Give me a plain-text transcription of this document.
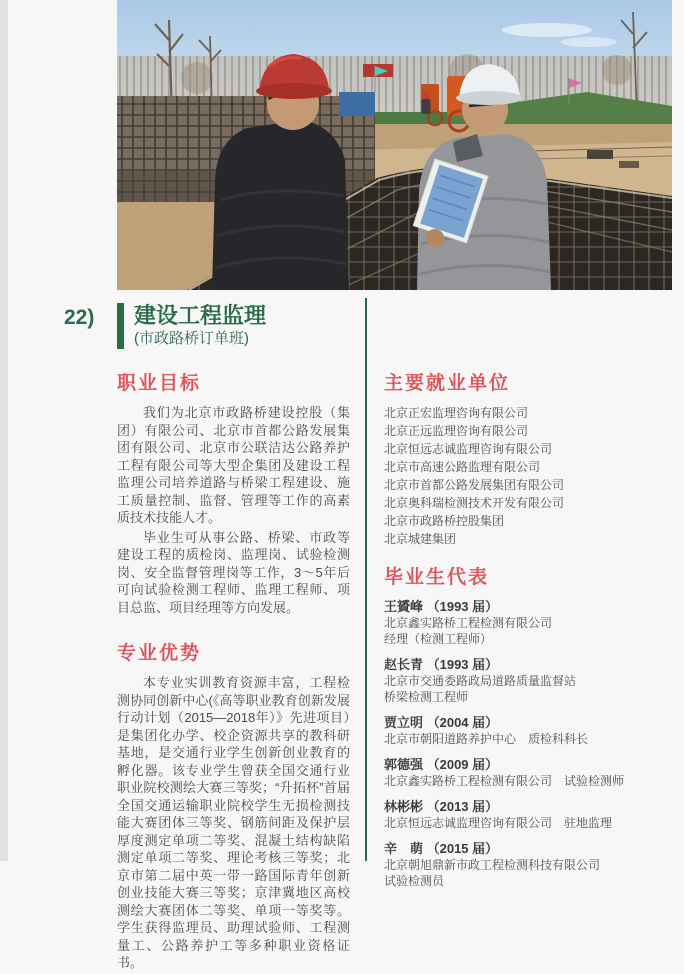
22) 建设工程监理
(市政路桥订单班)
职业目标

我们为北京市政路桥建设控股（集团）有限公司、北京市首都公路发展集团有限公司、北京市公联洁达公路养护工程有限公司等大型企集团及建设工程监理公司培养道路与桥梁工程建设、施工质量控制、监督、管理等工作的高素质技术技能人才。

毕业生可从事公路、桥梁、市政等建设工程的质检岗、监理岗、试验检测岗、安全监督管理岗等工作，3～5年后可向试验检测工程师、监理工程师、项目总监、项目经理等方向发展。

专业优势

本专业实训教育资源丰富，工程检测协同创新中心(《高等职业教育创新发展行动计划（2015—2018年）》先进项目）是集团化办学、校企资源共享的教科研基地，是交通行业学生创新创业教育的孵化器。该专业学生曾获全国交通行业职业院校测绘大赛三等奖；“升拓杯”首届全国交通运输职业院校学生无损检测技能大赛团体三等奖、钢筋间距及保护层厚度测定单项二等奖、混凝土结构缺陷测定单项二等奖、理论考核三等奖；北京市第二届中英一带一路国际青年创新创业技能大赛三等奖；京津冀地区高校测绘大赛团体二等奖、单项一等奖等。学生获得监理员、助理试验师、工程测量工、公路养护工等多种职业资格证书。

主要就业单位
北京正宏监理咨询有限公司
北京正远监理咨询有限公司
北京恒远志诚监理咨询有限公司
北京市高速公路监理有限公司
北京市首都公路发展集团有限公司
北京奥科瑞检测技术开发有限公司
北京市政路桥控股集团
北京城建集团
毕业生代表
王贇峰 （1993 届）
北京鑫实路桥工程检测有限公司
经理（检测工程师）
赵长青 （1993 届）
北京市交通委路政局道路质量监督站
桥梁检测工程师
贾立明 （2004 届）
北京市朝阳道路养护中心　质检科科长
郭德强 （2009 届）
北京鑫实路桥工程检测有限公司　试验检测师
林彬彬 （2013 届）
北京恒远志诚监理咨询有限公司　驻地监理
辛　萌 （2015 届）
北京朝旭鼎新市政工程检测科技有限公司
试验检测员
